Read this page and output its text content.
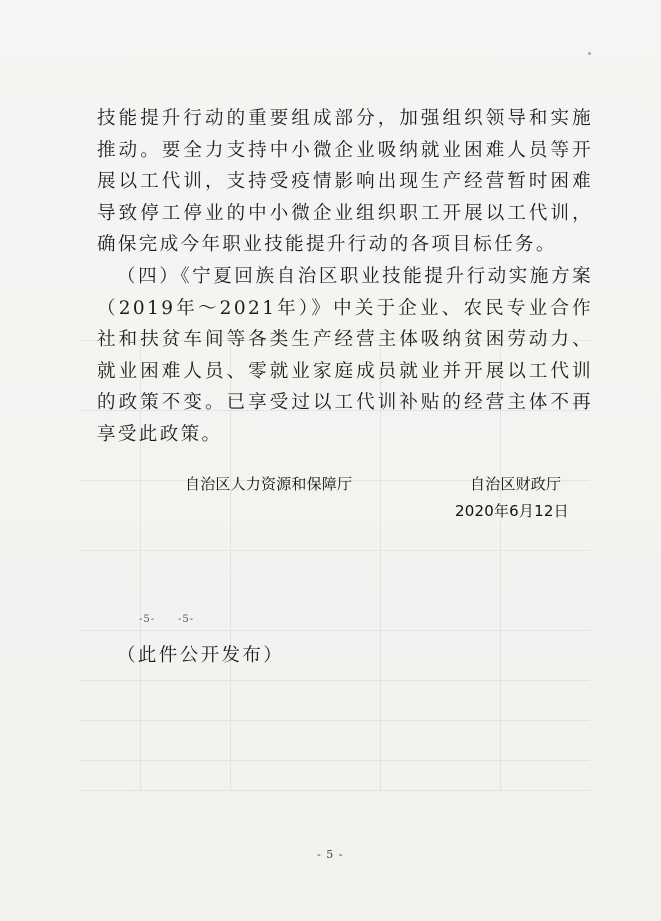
技能提升行动的重要组成部分，加强组织领导和实施推动。要全力支持中小微企业吸纳就业困难人员等开展以工代训，支持受疫情影响出现生产经营暂时困难导致停工停业的中小微企业组织职工开展以工代训，确保完成今年职业技能提升行动的各项目标任务。

（四）《宁夏回族自治区职业技能提升行动实施方案（2019年～2021年）》中关于企业、农民专业合作社和扶贫车间等各类生产经营主体吸纳贫困劳动力、就业困难人员、零就业家庭成员就业并开展以工代训的政策不变。已享受过以工代训补贴的经营主体不再享受此政策。

自治区人力资源和保障厅	自治区财政厅
2020年6月12日
-5- -5-
（此件公开发布）
- 5 -
